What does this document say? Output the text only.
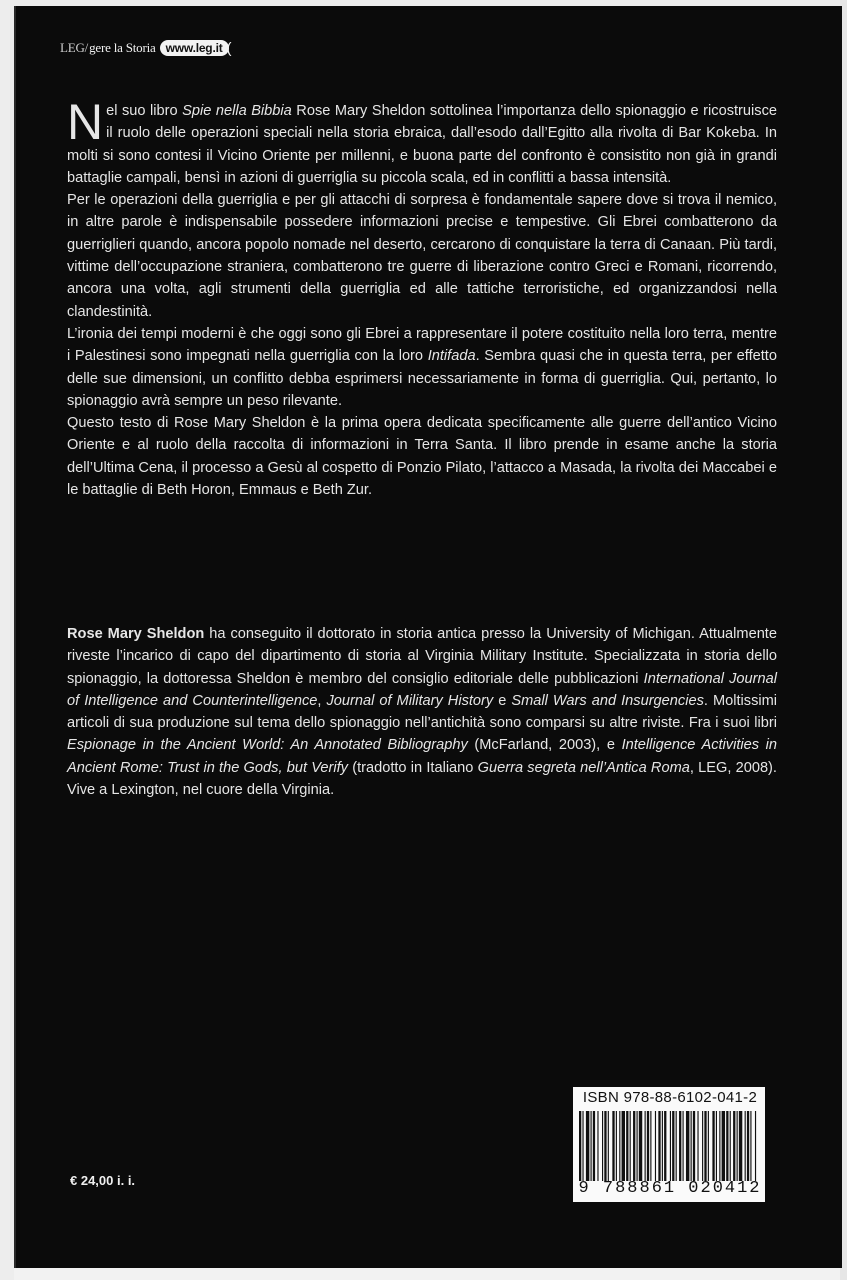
LEG/ gere la Storia www.leg.it (

Nel suo libro Spie nella Bibbia Rose Mary Sheldon sottolinea l’importanza dello spionaggio e ricostruisce il ruolo delle operazioni speciali nella storia ebraica, dall’esodo dall’Egitto alla rivolta di Bar Kokeba. In molti si sono contesi il Vicino Oriente per millenni, e buona parte del confronto è consistito non già in grandi battaglie campali, bensì in azioni di guerriglia su piccola scala, ed in conflitti a bassa intensità.

Per le operazioni della guerriglia e per gli attacchi di sorpresa è fondamentale sapere dove si trova il nemico, in altre parole è indispensabile possedere informazioni precise e tempestive. Gli Ebrei combatterono da guerriglieri quando, ancora popolo nomade nel deserto, cercarono di conquistare la terra di Canaan. Più tardi, vittime dell’occupazione straniera, combatterono tre guerre di liberazione contro Greci e Romani, ricorrendo, ancora una volta, agli strumenti della guerriglia ed alle tattiche terroristiche, ed organizzandosi nella clandestinità.

L’ironia dei tempi moderni è che oggi sono gli Ebrei a rappresentare il potere costituito nella loro terra, mentre i Palestinesi sono impegnati nella guerriglia con la loro Intifada. Sembra quasi che in questa terra, per effetto delle sue dimensioni, un conflitto debba esprimersi necessariamente in forma di guerriglia. Qui, pertanto, lo spionaggio avrà sempre un peso rilevante.

Questo testo di Rose Mary Sheldon è la prima opera dedicata specificamente alle guerre dell’antico Vicino Oriente e al ruolo della raccolta di informazioni in Terra Santa. Il libro prende in esame anche la storia dell’Ultima Cena, il processo a Gesù al cospetto di Ponzio Pilato, l’attacco a Masada, la rivolta dei Maccabei e le battaglie di Beth Horon, Emmaus e Beth Zur.

Rose Mary Sheldon ha conseguito il dottorato in storia antica presso la University of Michigan. Attualmente riveste l’incarico di capo del dipartimento di storia al Virginia Military Institute. Specializzata in storia dello spionaggio, la dottoressa Sheldon è membro del consiglio editoriale delle pubblicazioni International Journal of Intelligence and Counterintelligence, Journal of Military History e Small Wars and Insurgencies. Moltissimi articoli di sua produzione sul tema dello spionaggio nell’antichità sono comparsi su altre riviste. Fra i suoi libri Espionage in the Ancient World: An Annotated Bibliography (McFarland, 2003), e Intelligence Activities in Ancient Rome: Trust in the Gods, but Verify (tradotto in Italiano Guerra segreta nell’Antica Roma, LEG, 2008). Vive a Lexington, nel cuore della Virginia.

ISBN 978-88-6102-041-2
9 788861 020412
€ 24,00 i. i.
